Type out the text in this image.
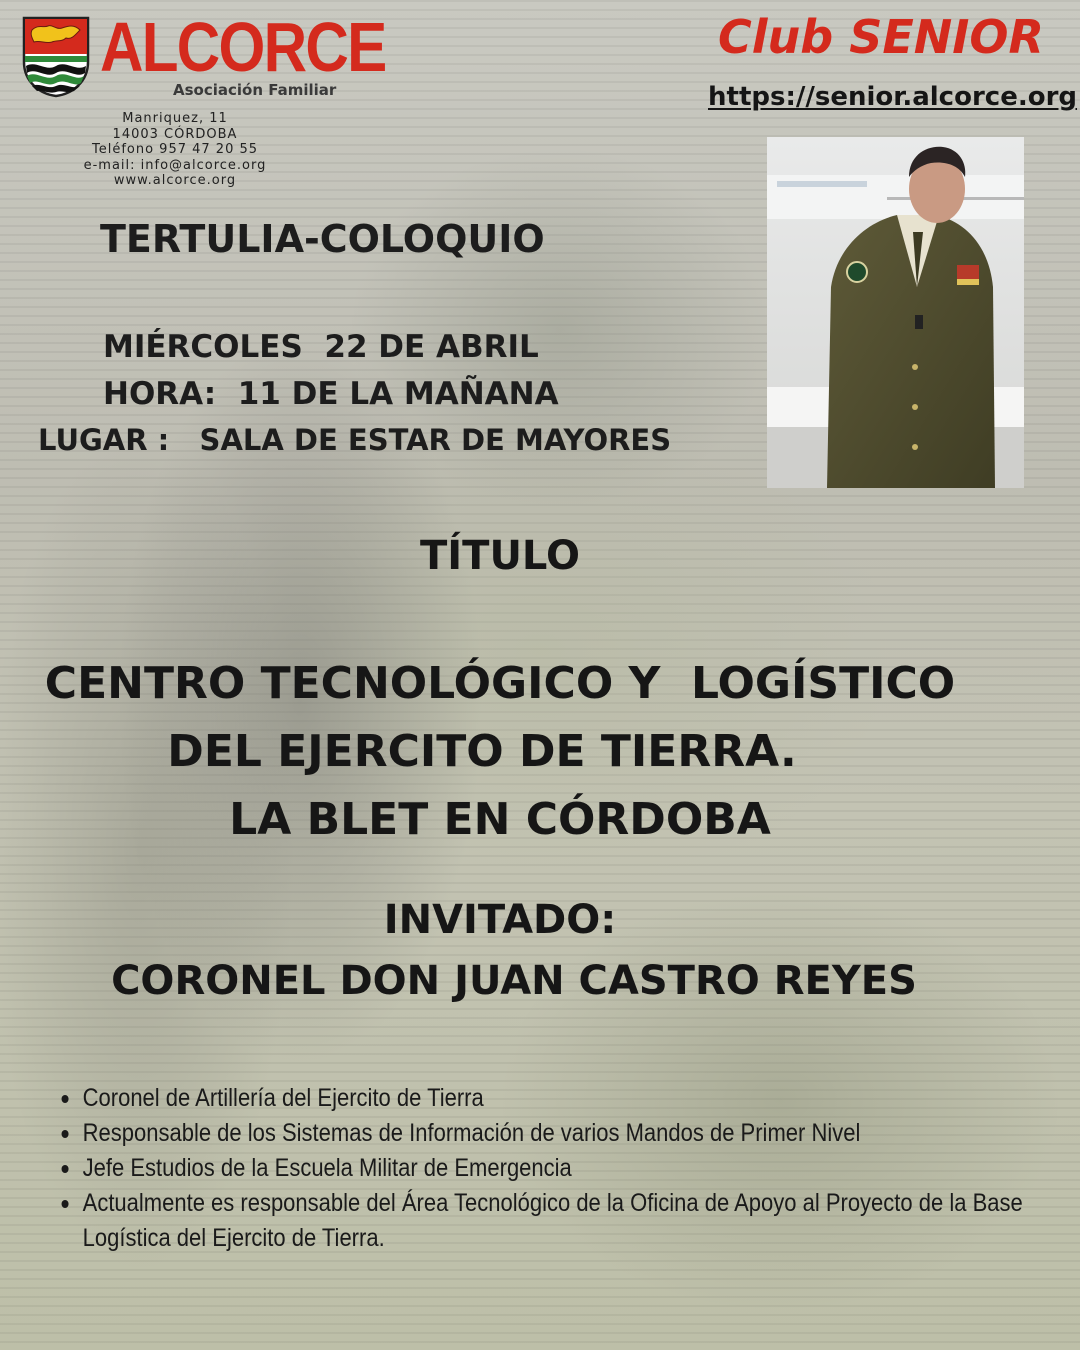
ALCORCE
Asociación Familiar
Manriquez, 11
14003 CÓRDOBA
Teléfono 957 47 20 55
e-mail: info@alcorce.org
www.alcorce.org
Club SENIOR
https://senior.alcorce.org
TERTULIA-COLOQUIO
MIÉRCOLES  22 DE ABRIL
HORA:  11 DE LA MAÑANA
LUGAR :   SALA DE ESTAR DE MAYORES
TÍTULO
CENTRO TECNOLÓGICO Y  LOGÍSTICO
DEL EJERCITO DE TIERRA.
LA BLET EN CÓRDOBA
INVITADO:
CORONEL DON JUAN CASTRO REYES
Coronel de Artillería del Ejercito de Tierra
Responsable de los Sistemas de Información de varios Mandos de Primer Nivel
Jefe Estudios de la Escuela Militar de Emergencia
Actualmente es responsable del Área Tecnológico de la Oficina de Apoyo al Proyecto de la Base
Logística del Ejercito de Tierra.
